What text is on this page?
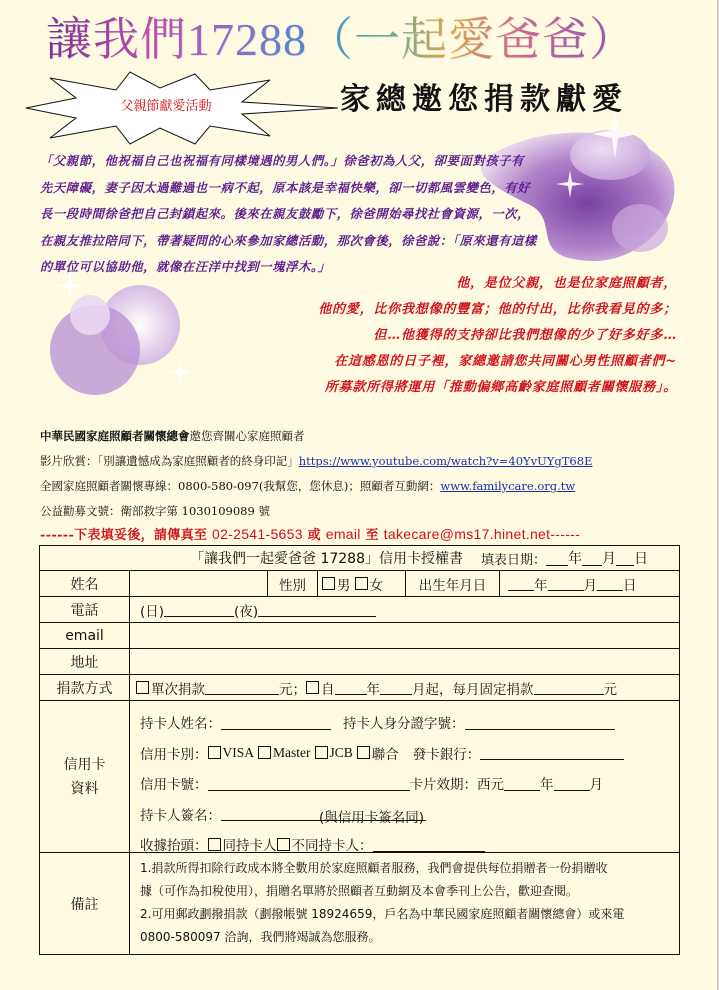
讓我們17288（一起愛爸爸）
父親節獻愛活動	家總邀您捐款獻愛
「父親節，他祝福自己也祝福有同樣境遇的男人們。」徐爸初為人父，卻要面對孩子有
先天障礙，妻子因太過難過也一病不起，原本該是幸福快樂，卻一切都風雲變色，有好
長一段時間徐爸把自己封鎖起來。後來在親友鼓勵下，徐爸開始尋找社會資源，一次，
在親友推拉陪同下，帶著疑問的心來參加家總活動，那次會後，徐爸說：「原來還有這樣
的單位可以協助他，就像在汪洋中找到一塊浮木。」
他，是位父親，也是位家庭照顧者，
他的愛，比你我想像的豐富；他的付出，比你我看見的多；
但…他獲得的支持卻比我們想像的少了好多好多…
在這感恩的日子裡，家總邀請您共同關心男性照顧者們~
所募款所得將運用「推動偏鄉高齡家庭照顧者關懷服務」。
中華民國家庭照顧者關懷總會邀您齊關心家庭照顧者
影片欣賞：「別讓遺憾成為家庭照顧者的終身印記」https://www.youtube.com/watch?v=40YvUYgT68E
全國家庭照顧者關懷專線：0800-580-097(我幫您，您休息)；照顧者互動網：www.familycare.org.tw
公益勸募文號：衛部救字第 1030109089 號
------下表填妥後，請傳真至 02-2541-5653 或 email 至 takecare@ms17.hinet.net------
「讓我們一起愛爸爸 17288」信用卡授權書 填表日期： 年 月 日
姓名	性別	男 女	出生年月日	年	月 日
電話	(日)	(夜)
email
地址
捐款方式	單次捐款	元； 自 年 月起，每月固定捐款	元
信用卡
資料
持卡人姓名：	持卡人身分證字號：
信用卡別： VISA Master JCB 聯合 發卡銀行：
信用卡號：	卡片效期：西元	年	月
持卡人簽名：	(與信用卡簽名同)
收據抬頭： 同持卡人 不同持卡人：
備註
1.捐款所得扣除行政成本將全數用於家庭照顧者服務，我們會提供每位捐贈者一份捐贈收
據（可作為扣稅使用），捐贈名單將於照顧者互動網及本會季刊上公告，歡迎查閱。
2.可用郵政劃撥捐款（劃撥帳號 18924659，戶名為中華民國家庭照顧者關懷總會）或來電
0800-580097 洽詢，我們將竭誠為您服務。
